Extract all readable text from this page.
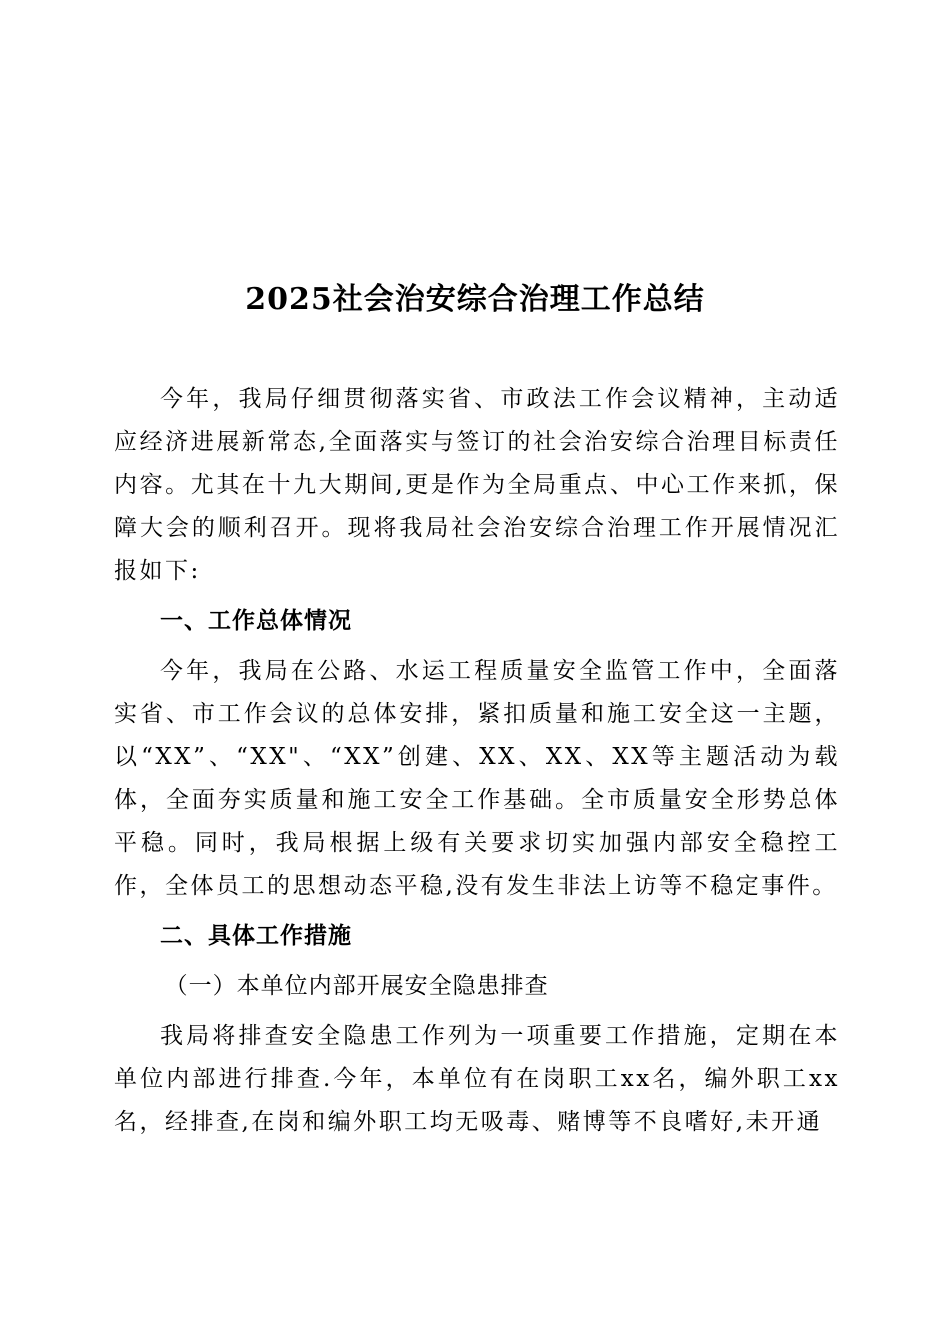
2025社会治安综合治理工作总结

今年，我局仔细贯彻落实省、市政法工作会议精神，主动适应经济进展新常态,全面落实与签订的社会治安综合治理目标责任内容。尤其在十九大期间,更是作为全局重点、中心工作来抓，保障大会的顺利召开。现将我局社会治安综合治理工作开展情况汇报如下:

一、工作总体情况

今年，我局在公路、水运工程质量安全监管工作中，全面落实省、市工作会议的总体安排，紧扣质量和施工安全这一主题，以“XX”、“XX"、“XX”创建、XX、XX、XX等主题活动为载体，全面夯实质量和施工安全工作基础。全市质量安全形势总体平稳。同时，我局根据上级有关要求切实加强内部安全稳控工作，全体员工的思想动态平稳,没有发生非法上访等不稳定事件。

二、具体工作措施

（一）本单位内部开展安全隐患排查

我局将排查安全隐患工作列为一项重要工作措施，定期在本单位内部进行排查.今年，本单位有在岗职工xx名，编外职工xx名，经排查,在岗和编外职工均无吸毒、赌博等不良嗜好,未开通
